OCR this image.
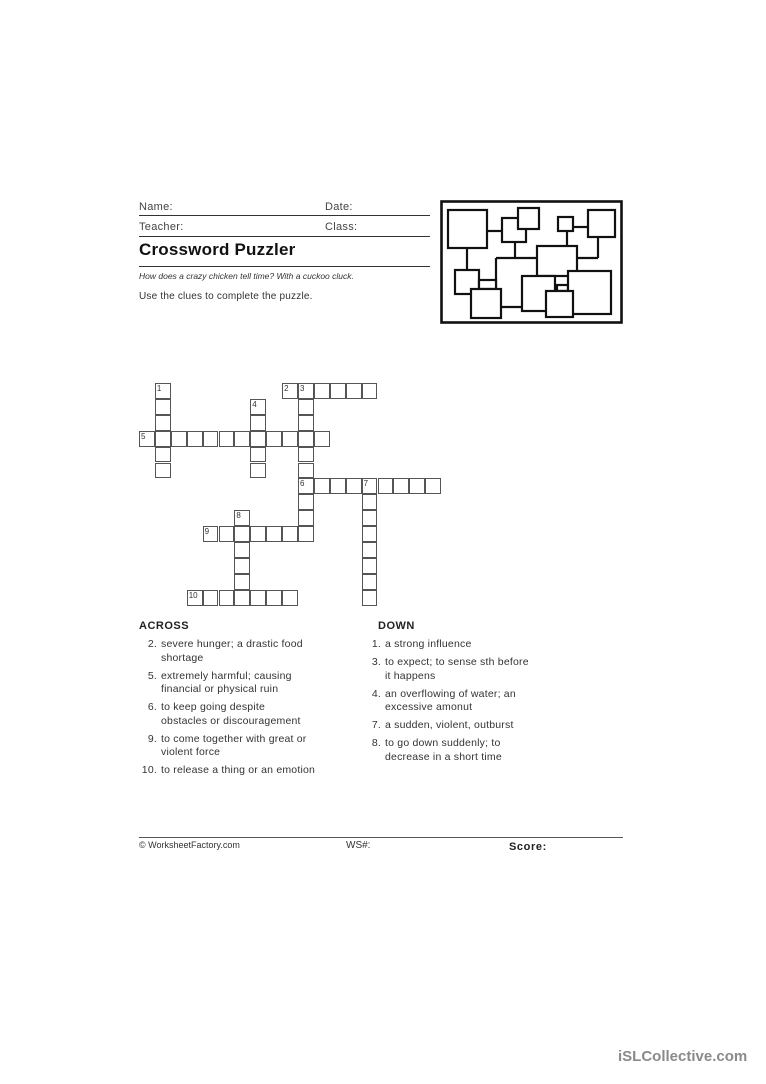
Name:	Date:
Teacher:	Class:
Crossword Puzzler
How does a crazy chicken tell time? With a cuckoo cluck.
Use the clues to complete the puzzle.
1	2 3
6
4
5
7
8
9
10
ACROSS	DOWN
2. severe hunger; a drastic food
shortage
5. extremely harmful; causing
financial or physical ruin
6. to keep going despite
obstacles or discouragement
9. to come together with great or
violent force
10. to release a thing or an emotion
1. a strong influence
3. to expect; to sense sth before
it happens
4. an overflowing of water; an
excessive amonut
7. a sudden, violent, outburst
8. to go down suddenly; to
decrease in a short time
© WorksheetFactory.com	WS#:	Score:
iSLCollective.com
